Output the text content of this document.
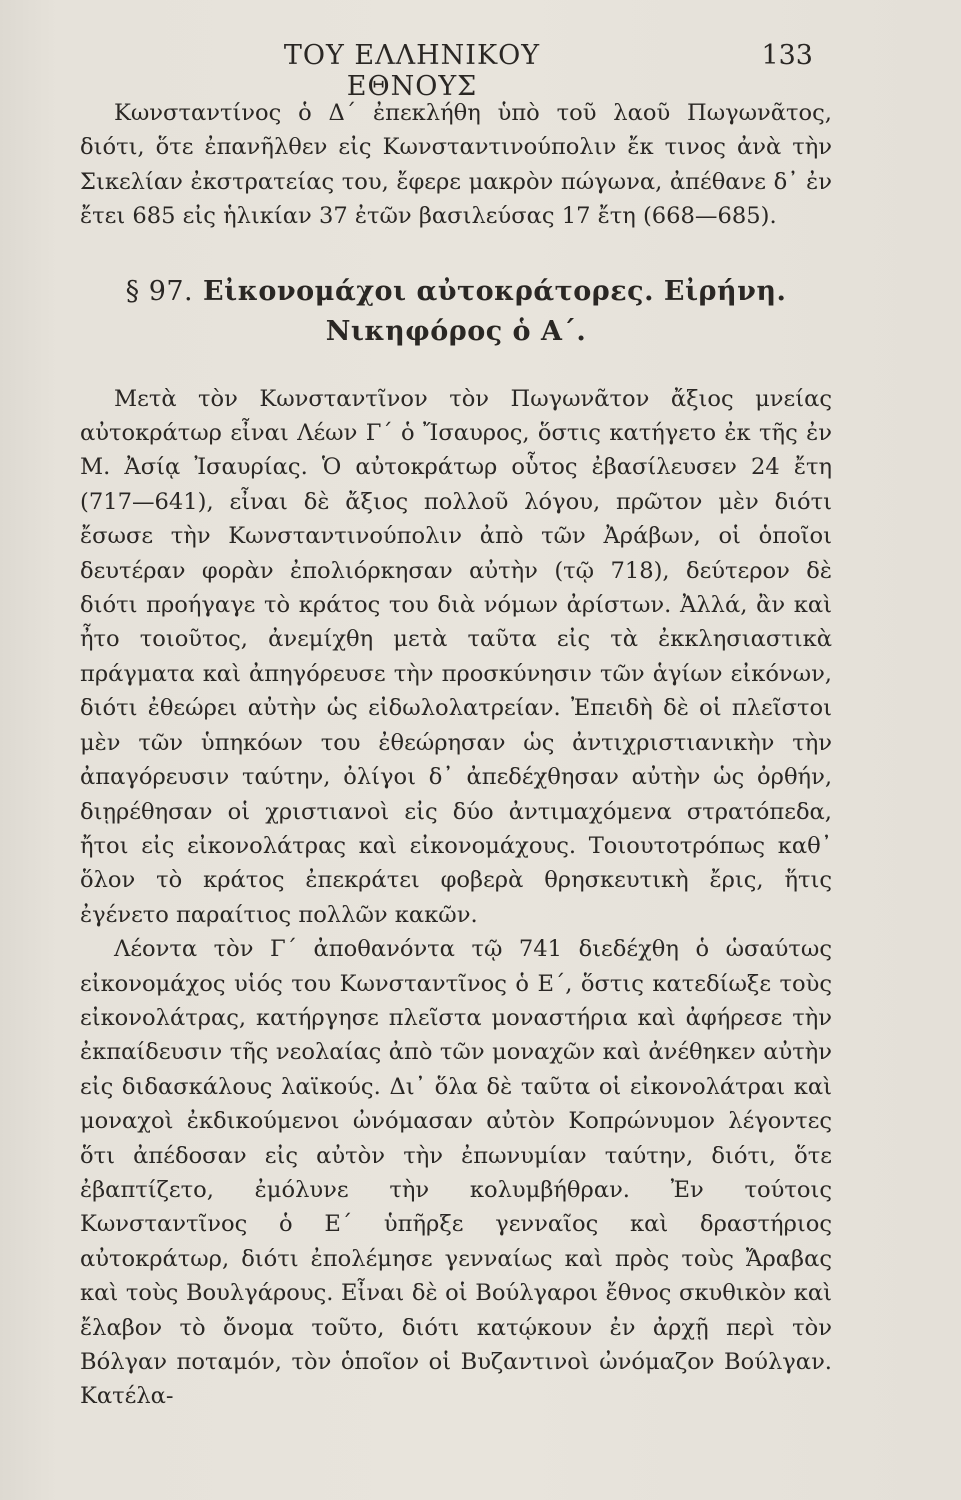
ΤΟΥ ΕΛΛΗΝΙΚΟΥ ΕΘΝΟΥΣ
133

Κωνσταντίνος ὁ Δ΄ ἐπεκλήθη ὑπὸ τοῦ λαοῦ Πωγωνᾶτος, διότι, ὅτε ἐπανῆλθεν εἰς Κωνσταντινούπολιν ἔκ τινος ἀνὰ τὴν Σικελίαν ἐκστρατείας του, ἔφερε μακρὸν πώγωνα, ἀπέθανε δ᾽ ἐν ἔτει 685 εἰς ἡλικίαν 37 ἐτῶν βασιλεύσας 17 ἔτη (668—685).

§ 97. Εἰκονομάχοι αὐτοκράτορες. Εἰρήνη. Νικηφόρος ὁ Α΄.

Μετὰ τὸν Κωνσταντῖνον τὸν Πωγωνᾶτον ἄξιος μνείας αὐτοκράτωρ εἶναι Λέων Γ΄ ὁ Ἴσαυρος, ὅστις κατήγετο ἐκ τῆς ἐν Μ. Ἀσίᾳ Ἰσαυρίας. Ὁ αὐτοκράτωρ οὗτος ἐβασίλευσεν 24 ἔτη (717—641), εἶναι δὲ ἄξιος πολλοῦ λόγου, πρῶτον μὲν διότι ἔσωσε τὴν Κωνσταντινούπολιν ἀπὸ τῶν Ἀράβων, οἱ ὁποῖοι δευτέραν φορὰν ἐπολιόρκησαν αὐτὴν (τῷ 718), δεύτερον δὲ διότι προήγαγε τὸ κράτος του διὰ νόμων ἀρίστων. Ἀλλά, ἂν καὶ ἦτο τοιοῦτος, ἀνεμίχθη μετὰ ταῦτα εἰς τὰ ἐκκλησιαστικὰ πράγματα καὶ ἀπηγόρευσε τὴν προσκύνησιν τῶν ἁγίων εἰκόνων, διότι ἐθεώρει αὐτὴν ὡς εἰδωλολατρείαν. Ἐπειδὴ δὲ οἱ πλεῖστοι μὲν τῶν ὑπηκόων του ἐθεώρησαν ὡς ἀντιχριστιανικὴν τὴν ἀπαγόρευσιν ταύτην, ὀλίγοι δ᾽ ἀπεδέχθησαν αὐτὴν ὡς ὀρθήν, διῃρέθησαν οἱ χριστιανοὶ εἰς δύο ἀντιμαχόμενα στρατόπεδα, ἤτοι εἰς εἰκονολάτρας καὶ εἰκονομάχους. Τοιουτοτρόπως καθ᾽ ὅλον τὸ κράτος ἐπεκράτει φοβερὰ θρησκευτικὴ ἔρις, ἥτις ἐγένετο παραίτιος πολλῶν κακῶν.

Λέοντα τὸν Γ΄ ἀποθανόντα τῷ 741 διεδέχθη ὁ ὡσαύτως εἰκονομάχος υἱός του Κωνσταντῖνος ὁ Ε΄, ὅστις κατεδίωξε τοὺς εἰκονολάτρας, κατήργησε πλεῖστα μοναστήρια καὶ ἀφήρεσε τὴν ἐκπαίδευσιν τῆς νεολαίας ἀπὸ τῶν μοναχῶν καὶ ἀνέθηκεν αὐτὴν εἰς διδασκάλους λαϊκούς. Δι᾽ ὅλα δὲ ταῦτα οἱ εἰκονολάτραι καὶ μοναχοὶ ἐκδικούμενοι ὠνόμασαν αὐτὸν Κοπρώνυμον λέγοντες ὅτι ἀπέδοσαν εἰς αὐτὸν τὴν ἐπωνυμίαν ταύτην, διότι, ὅτε ἐβαπτίζετο, ἐμόλυνε τὴν κολυμβήθραν. Ἐν τούτοις Κωνσταντῖνος ὁ Ε΄ ὑπῆρξε γενναῖος καὶ δραστήριος αὐτοκράτωρ, διότι ἐπολέμησε γενναίως καὶ πρὸς τοὺς Ἄραβας καὶ τοὺς Βουλγάρους. Εἶναι δὲ οἱ Βούλγαροι ἔθνος σκυθικὸν καὶ ἔλαβον τὸ ὄνομα τοῦτο, διότι κατῴκουν ἐν ἀρχῇ περὶ τὸν Βόλγαν ποταμόν, τὸν ὁποῖον οἱ Βυζαντινοὶ ὠνόμαζον Βούλγαν. Κατέλα-
